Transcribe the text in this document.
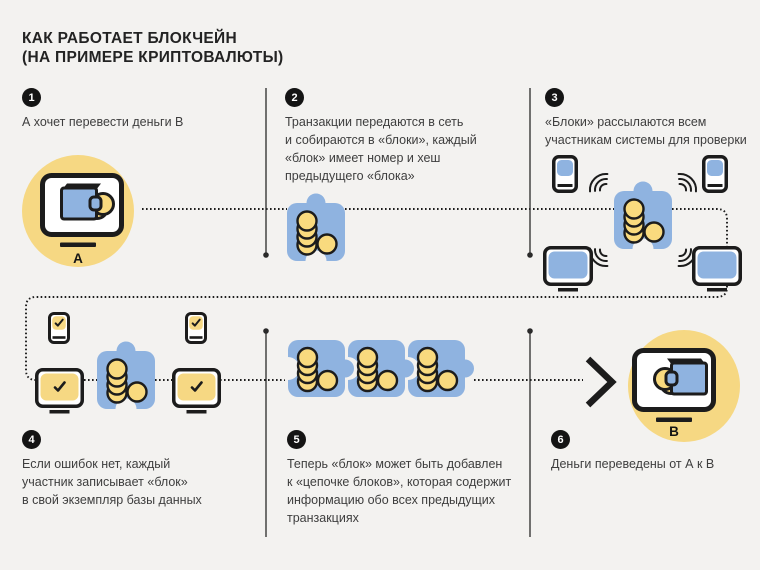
А
В
КАК РАБОТАЕТ БЛОКЧЕЙН
(НА ПРИМЕРЕ КРИПТОВАЛЮТЫ)
1
А хочет перевести деньги В
2
Транзакции передаются в сеть
и собираются в «блоки», каждый
«блок» имеет номер и хеш
предыдущего «блока»
3
«Блоки» рассылаются всем
участникам системы для проверки
4
Если ошибок нет, каждый
участник записывает «блок»
в свой экземпляр базы данных
5
Теперь «блок» может быть добавлен
к «цепочке блоков», которая содержит
информацию обо всех предыдущих
транзакциях
6
Деньги переведены от А к В
